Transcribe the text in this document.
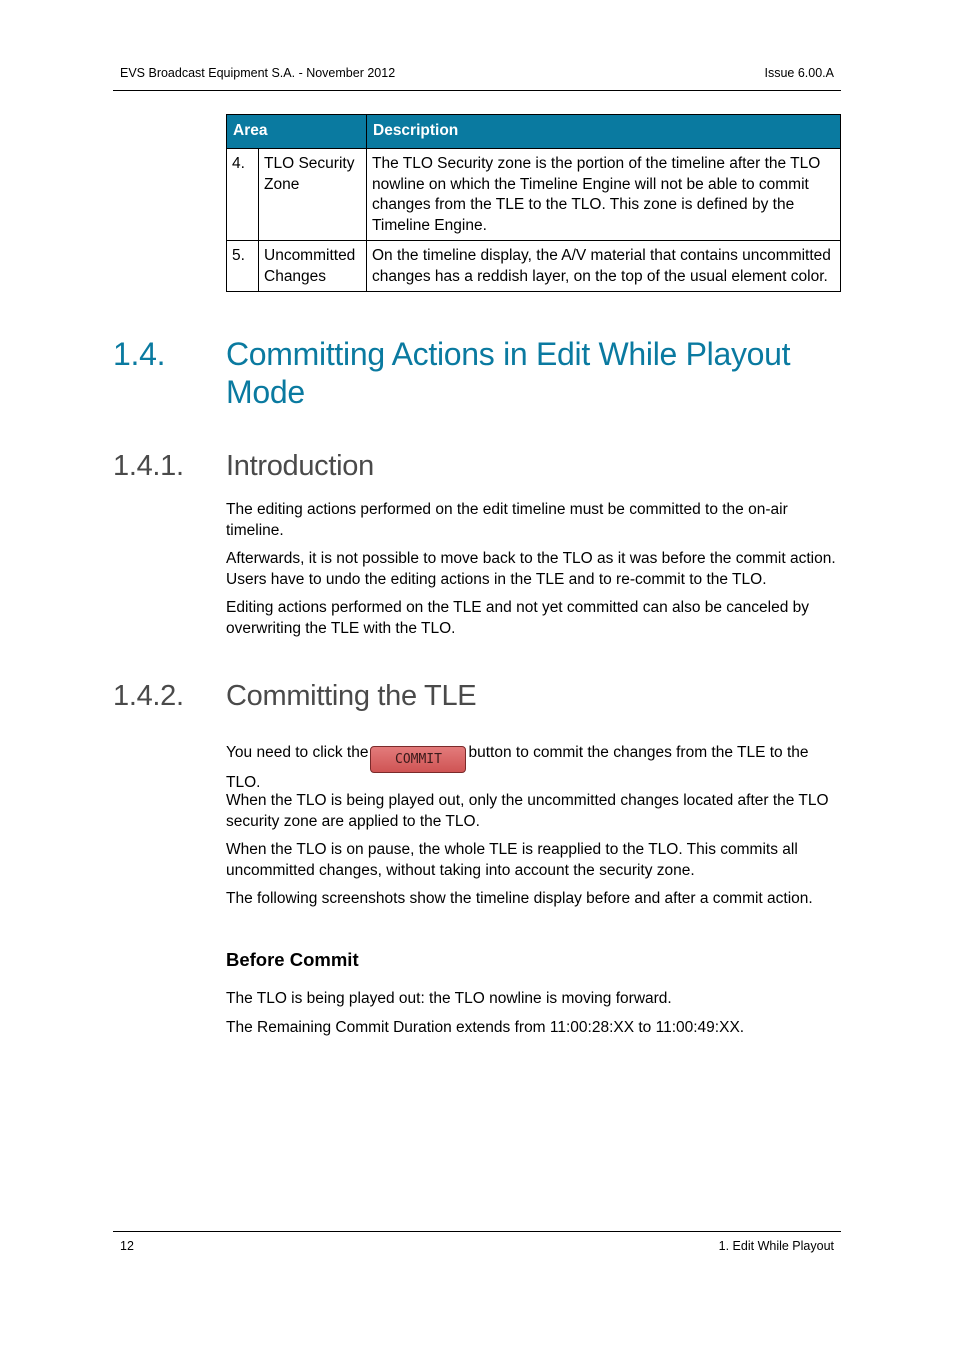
EVS Broadcast Equipment S.A. - November 2012	Issue 6.00.A
Area		Description
4.	TLO Security Zone	The TLO Security zone is the portion of the timeline after the TLO nowline on which the Timeline Engine will not be able to commit changes from the TLE to the TLO. This zone is defined by the Timeline Engine.
5.	Uncommitted Changes	On the timeline display, the A/V material that contains uncommitted changes has a reddish layer, on the top of the usual element color.
1.4. Committing Actions in Edit While Playout Mode
1.4.1. Introduction
The editing actions performed on the edit timeline must be committed to the on-air timeline.
Afterwards, it is not possible to move back to the TLO as it was before the commit action. Users have to undo the editing actions in the TLE and to re-commit to the TLO.
Editing actions performed on the TLE and not yet committed can also be canceled by overwriting the TLE with the TLO.
1.4.2. Committing the TLE
You need to click the COMMIT button to commit the changes from the TLE to the TLO.
When the TLO is being played out, only the uncommitted changes located after the TLO security zone are applied to the TLO.
When the TLO is on pause, the whole TLE is reapplied to the TLO. This commits all uncommitted changes, without taking into account the security zone.
The following screenshots show the timeline display before and after a commit action.
Before Commit
The TLO is being played out: the TLO nowline is moving forward.
The Remaining Commit Duration extends from 11:00:28:XX to 11:00:49:XX.
12	1. Edit While Playout
